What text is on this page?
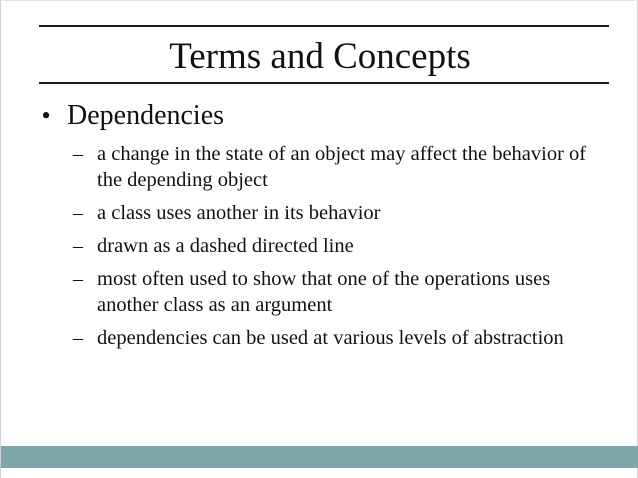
Terms and Concepts
• Dependencies
– a change in the state of an object may affect the behavior of the depending object
– a class uses another in its behavior
– drawn as a dashed directed line
– most often used to show that one of the operations uses another class as an argument
– dependencies can be used at various levels of abstraction
